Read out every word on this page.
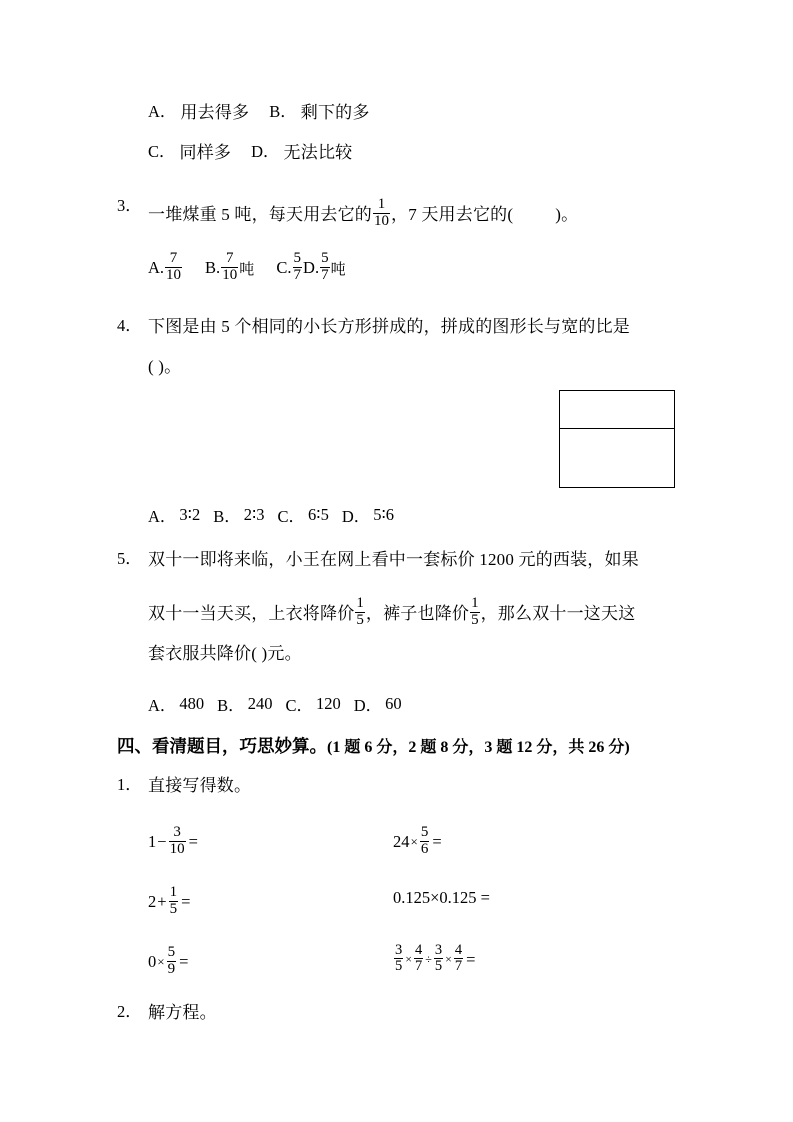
A． 用去得多 B． 剩下的多
C． 同样多 D． 无法比较
3． 一堆煤重 5 吨，每天用去它的 $\frac{1}{10}$ ，7 天用去它的( )。
A. $\frac{7}{10} B$. $\frac{7}{10}$ 吨 C. $\frac{5}{7} D$. $\frac{5}{7}$ 吨
4． 下图是由 5 个相同的小长方形拼成的，拼成的图形长与宽的比是
( )。
A． 3∶2 B． 2∶3 C． 6∶5 D． 5∶6
5． 双十一即将来临，小王在网上看中一套标价 1200 元的西装，如果
双十一当天买，上衣将降价 $\frac{1}{5}$ ，裤子也降价 $\frac{1}{5}$ ，那么双十一这天这
套衣服共降价( )元。
A． 480 B． 240 C． 120 D． 60
四、看清题目，巧思妙算。(1 题 6 分，2 题 8 分，3 题 12 分，共 26 分)
1． 直接写得数。
$1 - \frac{3}{10}$ =	$24 \times \frac{5}{6}$ =
$2 + \frac{1}{5}$ =	0.125×0.125 =
$0 \times \frac{5}{9}$ =	$\frac{3}{5} \times \frac{4}{7} \div \frac{3}{5} \times \frac{4}{7}$ =
2． 解方程。
